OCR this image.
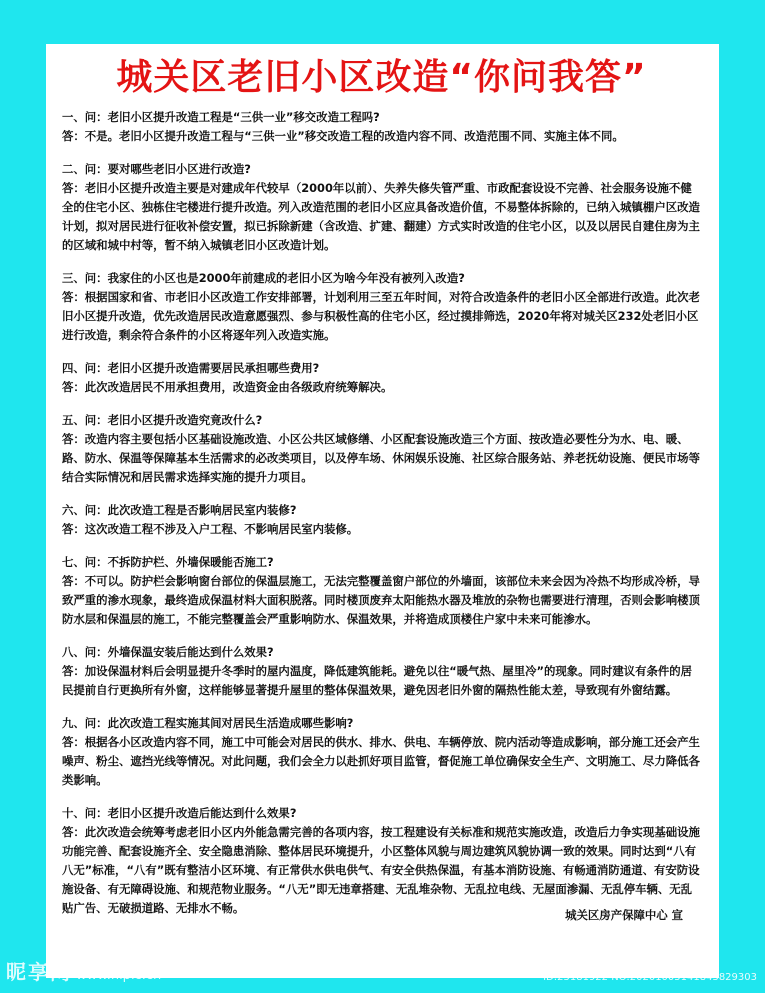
城关区老旧小区改造“你问我答”

一、问：老旧小区提升改造工程是“三供一业”移交改造工程吗?

答：不是。老旧小区提升改造工程与“三供一业”移交改造工程的改造内容不同、改造范围不同、实施主体不同。

二、问：要对哪些老旧小区进行改造?

答：老旧小区提升改造主要是对建成年代较早（2000年以前）、失养失修失管严重、市政配套设设不完善、社会服务设施不健全的住宅小区、独栋住宅楼进行提升改造。列入改造范围的老旧小区应具备改造价值，不易整体拆除的，已纳入城镇棚户区改造计划，拟对居民进行征收补偿安置，拟已拆除新建（含改造、扩建、翻建）方式实时改造的住宅小区，以及以居民自建住房为主的区域和城中村等，暂不纳入城镇老旧小区改造计划。

三、问：我家住的小区也是2000年前建成的老旧小区为啥今年没有被列入改造?

答：根据国家和省、市老旧小区改造工作安排部署，计划利用三至五年时间，对符合改造条件的老旧小区全部进行改造。此次老旧小区提升改造，优先改造居民改造意愿强烈、参与积极性高的住宅小区，经过摸排筛选，2020年将对城关区232处老旧小区进行改造，剩余符合条件的小区将逐年列入改造实施。

四、问：老旧小区提升改造需要居民承担哪些费用?

答：此次改造居民不用承担费用，改造资金由各级政府统筹解决。

五、问：老旧小区提升改造究竟改什么?

答：改造内容主要包括小区基础设施改造、小区公共区域修缮、小区配套设施改造三个方面、按改造必要性分为水、电、暖、路、防水、保温等保障基本生活需求的必改类项目，以及停车场、休闲娱乐设施、社区综合服务站、养老抚幼设施、便民市场等结合实际情况和居民需求选择实施的提升力项目。

六、问：此次改造工程是否影响居民室内装修?

答：这次改造工程不涉及入户工程、不影响居民室内装修。

七、问：不拆防护栏、外墙保暖能否施工?

答：不可以。防护栏会影响窗台部位的保温层施工，无法完整覆盖窗户部位的外墙面，该部位未来会因为冷热不均形成冷桥，导致严重的渗水现象，最终造成保温材料大面积脱落。同时楼顶废弃太阳能热水器及堆放的杂物也需要进行清理，否则会影响楼顶防水层和保温层的施工，不能完整覆盖会严重影响防水、保温效果，并将造成顶楼住户家中未来可能渗水。

八、问：外墙保温安装后能达到什么效果?

答：加设保温材料后会明显提升冬季时的屋内温度，降低建筑能耗。避免以往“暖气热、屋里冷”的现象。同时建议有条件的居民提前自行更换所有外窗，这样能够显著提升屋里的整体保温效果，避免因老旧外窗的隔热性能太差，导致现有外窗结露。

九、问：此次改造工程实施其间对居民生活造成哪些影响?

答：根据各小区改造内容不同，施工中可能会对居民的供水、排水、供电、车辆停放、院内活动等造成影响，部分施工还会产生噪声、粉尘、遮挡光线等情况。对此问题，我们会全力以赴抓好项目监管，督促施工单位确保安全生产、文明施工、尽力降低各类影响。

十、问：老旧小区提升改造后能达到什么效果?

答：此次改造会统筹考虑老旧小区内外能急需完善的各项内容，按工程建设有关标准和规范实施改造，改造后力争实现基础设施功能完善、配套设施齐全、安全隐患消除、整体居民环境提升，小区整体风貌与周边建筑风貌协调一致的效果。同时达到“八有八无”标准，“八有”既有整洁小区环境、有正常供水供电供气、有安全供热保温，有基本消防设施、有畅通消防通道、有安防设施设备、有无障碍设施、和规范物业服务。“八无”即无违章搭建、无乱堆杂物、无乱拉电线、无屋面渗漏、无乱停车辆、无乱贴广告、无破损道路、无排水不畅。	城关区房产保障中心 宣
昵享网 www.nipic.cn	ID:25181922 NO:20201005141845829303
